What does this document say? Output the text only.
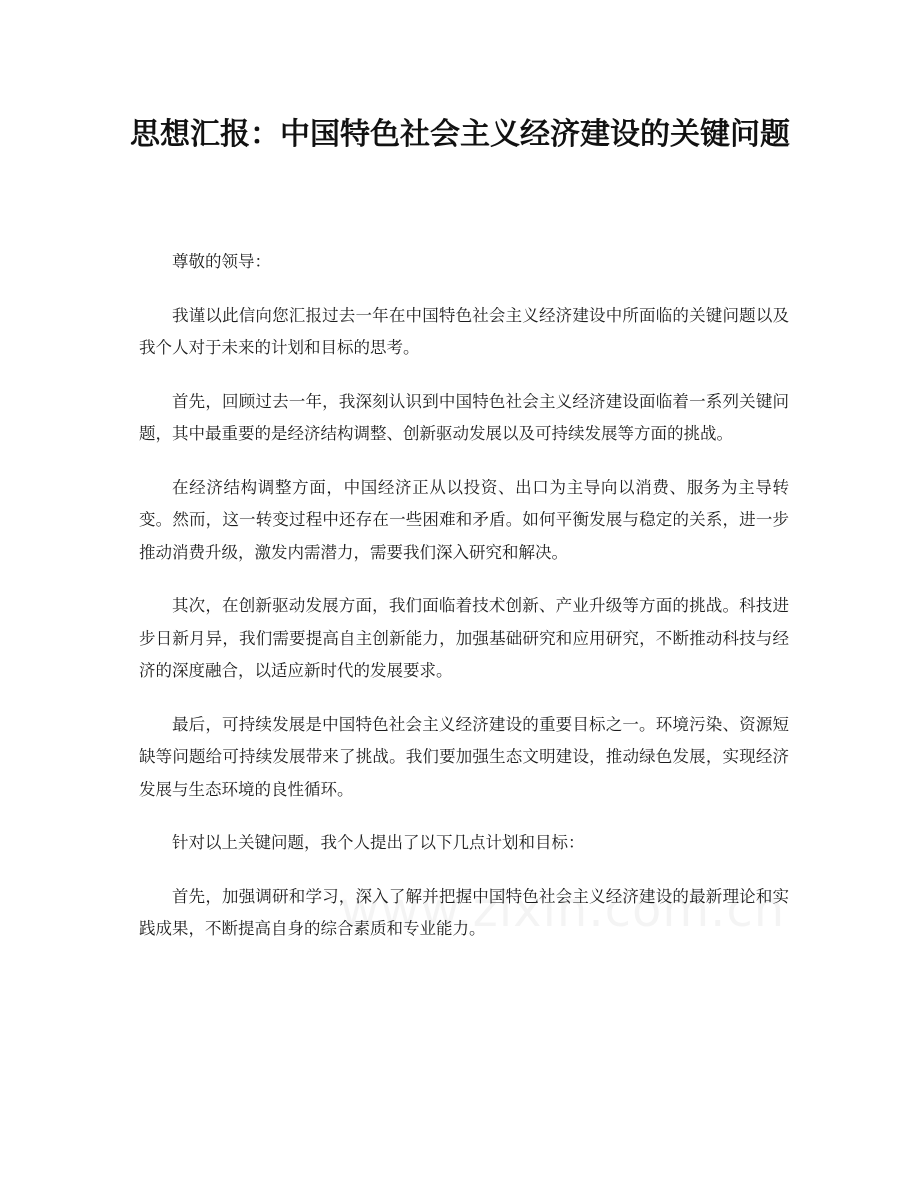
思想汇报：中国特色社会主义经济建设的关键问题

尊敬的领导：

我谨以此信向您汇报过去一年在中国特色社会主义经济建设中所面临的关键问题以及我个人对于未来的计划和目标的思考。

首先，回顾过去一年，我深刻认识到中国特色社会主义经济建设面临着一系列关键问题，其中最重要的是经济结构调整、创新驱动发展以及可持续发展等方面的挑战。

在经济结构调整方面，中国经济正从以投资、出口为主导向以消费、服务为主导转变。然而，这一转变过程中还存在一些困难和矛盾。如何平衡发展与稳定的关系，进一步推动消费升级，激发内需潜力，需要我们深入研究和解决。

其次，在创新驱动发展方面，我们面临着技术创新、产业升级等方面的挑战。科技进步日新月异，我们需要提高自主创新能力，加强基础研究和应用研究，不断推动科技与经济的深度融合，以适应新时代的发展要求。

最后，可持续发展是中国特色社会主义经济建设的重要目标之一。环境污染、资源短缺等问题给可持续发展带来了挑战。我们要加强生态文明建设，推动绿色发展，实现经济发展与生态环境的良性循环。

针对以上关键问题，我个人提出了以下几点计划和目标：

首先，加强调研和学习，深入了解并把握中国特色社会主义经济建设的最新理论和实践成果，不断提高自身的综合素质和专业能力。
